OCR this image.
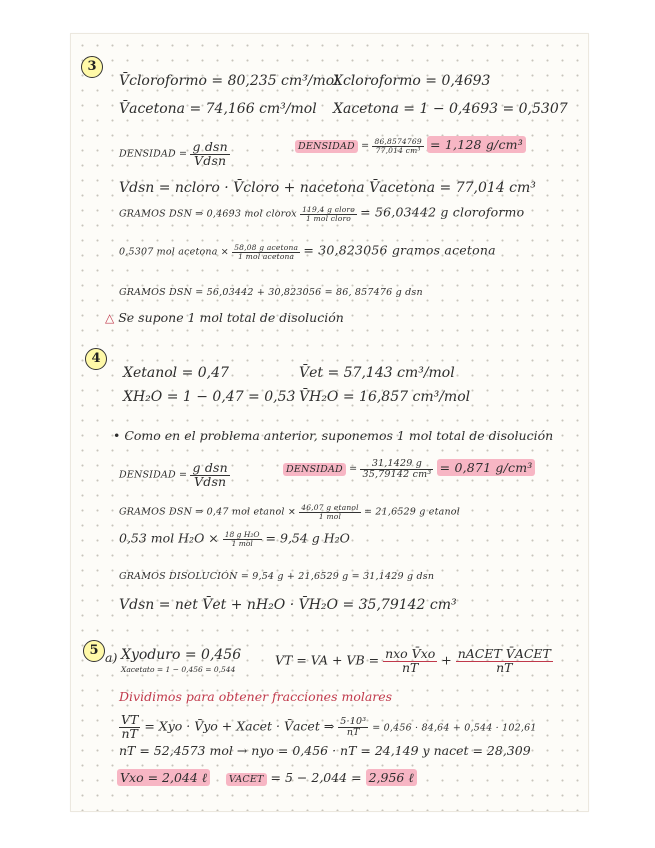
3
V̄cloroformo = 80,235 cm³/mol
Xcloroformo = 0,4693
V̄acetona = 74,166 cm³/mol Xacetona = 1 − 0,4693 = 0,5307
DENSIDAD = $\frac{\text{g dsn}}{\text{Vdsn}}$	DENSIDAD = $\frac{86,8574769}{\text{77,014 cm³}} = 1,128$ g/cm³
Vdsn = ncloro · V̄cloro + nacetona V̄acetona = 77,014 cm³
GRAMOS DSN ⇒ 0,4693 mol clorox $\frac{\text{119,4 g cloro}}{\text{1 mol cloro}} = 56,03442$ g cloroformo
0,5307 mol acetona × $\frac{\text{58,08 g acetona}}{\text{1 mol acetona}} = 30,823056$ gramos acetona
GRAMOS DSN = 56,03442 + 30,823056 = 86, 857476 g dsn
△ Se supone 1 mol total de disolución
4
Xetanol = 0,47	V̄et = 57,143 cm³/mol
XH₂O = 1 − 0,47 = 0,53 V̄H₂O = 16,857 cm³/mol
• Como en el problema anterior, suponemos 1 mol total de disolución
DENSIDAD = $\frac{\text{g dsn}}{\text{Vdsn}}$	DENSIDAD = $\frac{31,1429 g}{\text{35,79142 cm³}} = 0,871$ g/cm³
GRAMOS DSN ⇒ 0,47 mol etanol × $\frac{\text{46,07 g etanol}}{\text{1 mol}} = 21,6529$ g etanol
0,53 mol $H_2O \times \frac{\text{18 g H₂O}}{\text{1 mol}} = 9,54$ g H₂O
GRAMOS DISOLUCIÓN = 9,54 g + 21,6529 g = 31,1429 g dsn
Vdsn = net V̄et + nH₂O · V̄H₂O = 35,79142 cm³
5 a) Xyoduro = 0,456
Xacetato = 1 − 0,456 = 0,544
VT = VA + VB = $\frac{\text{nxo V̄xo}}{nT} + \frac{\text{nACET V̄ACET}}{nT}$
Dividimos para obtener fracciones molares
$\frac{VT}{nT}$ = Xyo · V̄yo + Xacet · V̄acet ⇒ $\frac{\text{5·10³}}{nT} = 0,456 \cdot 84,64 + 0,544 \cdot 102,61$
nT = 52,4573 mol → nyo = 0,456 · nT = 24,149 y nacet = 28,309
Vxo = 2,044 ℓ VACET = 5 − 2,044 = 2,956 ℓ
